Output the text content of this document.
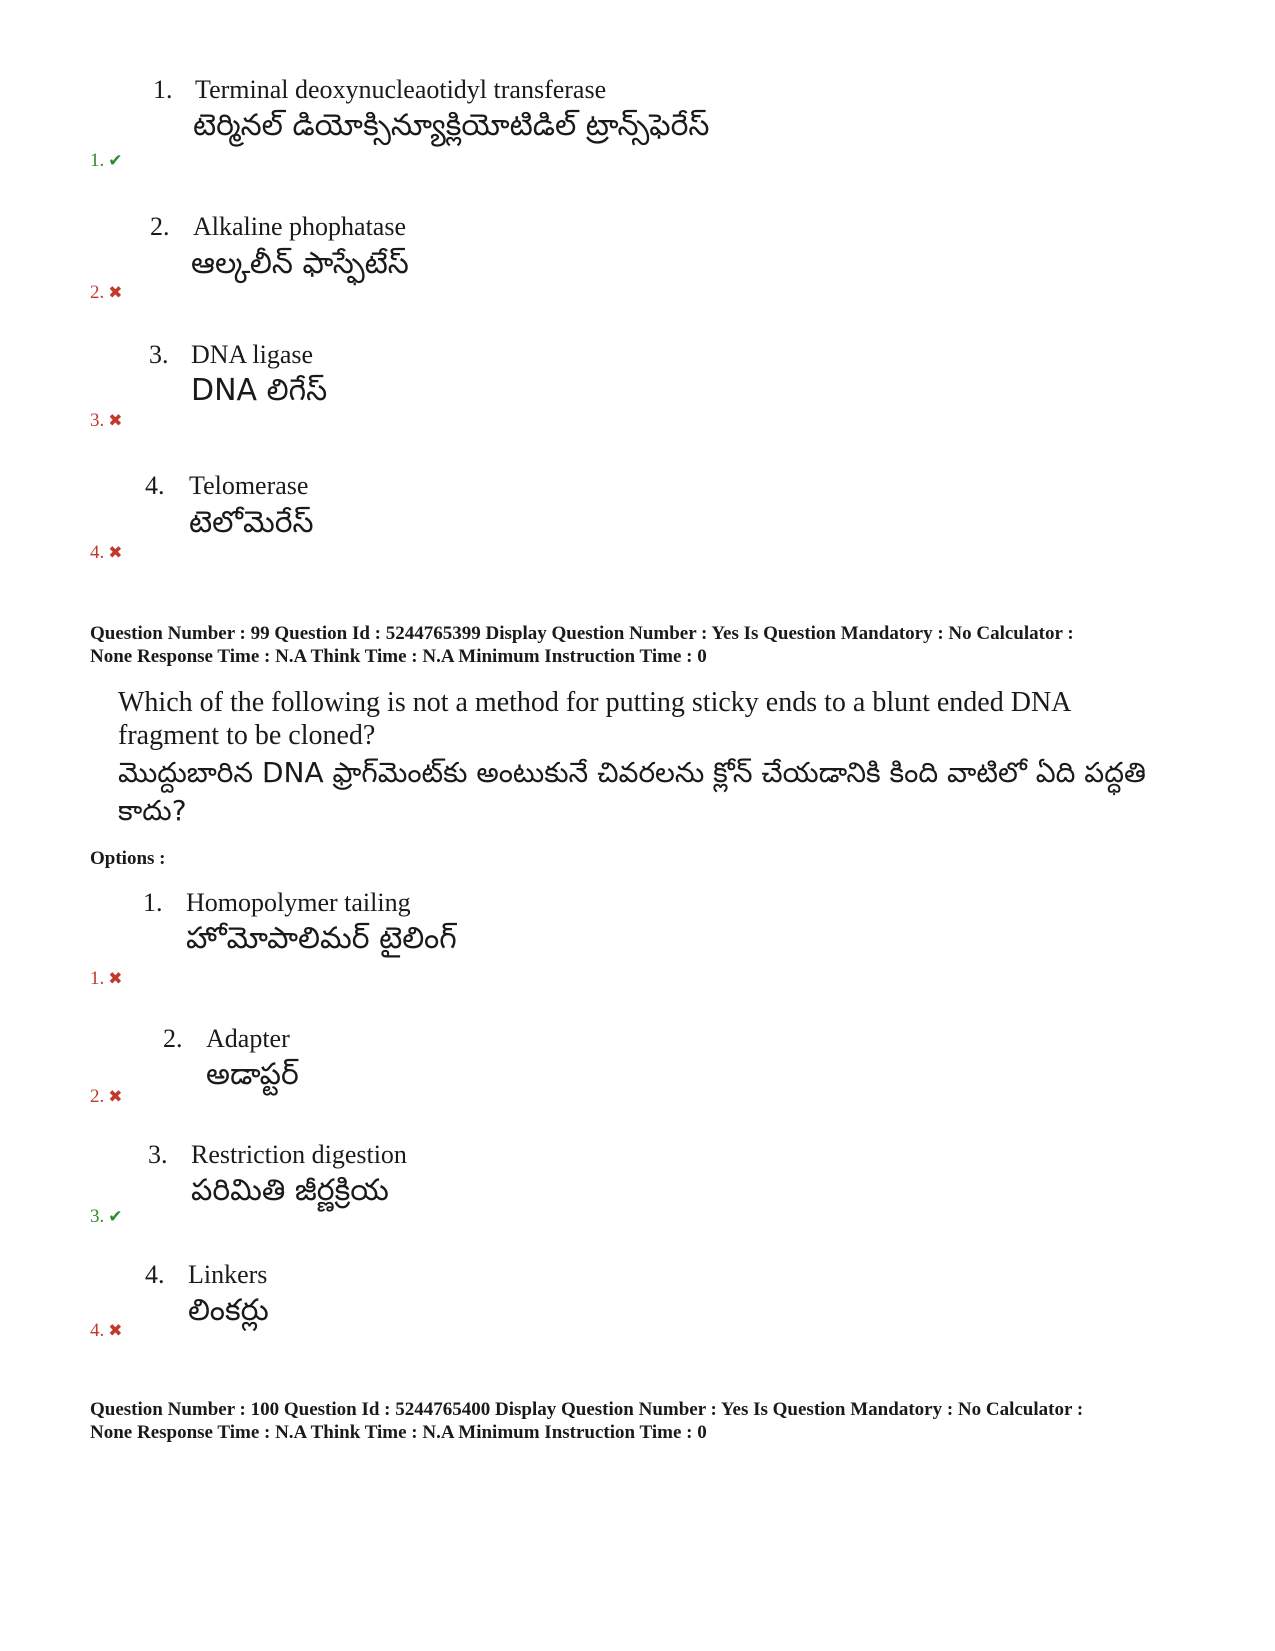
1. Terminal deoxynucleaotidyl transferase
టెర్మినల్ డియోక్సిన్యూక్లియోటిడిల్ ట్రాన్స్‌ఫెరేస్
1. ✔
2. Alkaline phophatase
ఆల్కలీన్ ఫాస్ఫేటేస్
2. ✖
3. DNA ligase
DNA లిగేస్
3. ✖
4. Telomerase
టెలోమెరేస్
4. ✖
Question Number : 99 Question Id : 5244765399 Display Question Number : Yes Is Question Mandatory : No Calculator :
None Response Time : N.A Think Time : N.A Minimum Instruction Time : 0
Which of the following is not a method for putting sticky ends to a blunt ended DNA fragment to be cloned?
మొద్దుబారిన DNA ఫ్రాగ్‌మెంట్‌కు అంటుకునే చివరలను క్లోన్ చేయడానికి కింది వాటిలో ఏది పద్ధతి కాదు?
Options :
1. Homopolymer tailing
హోమోపాలిమర్ టైలింగ్
1. ✖
2. Adapter
అడాప్టర్
2. ✖
3. Restriction digestion
పరిమితి జీర్ణక్రియ
3. ✔
4. Linkers
లింకర్లు
4. ✖
Question Number : 100 Question Id : 5244765400 Display Question Number : Yes Is Question Mandatory : No Calculator :
None Response Time : N.A Think Time : N.A Minimum Instruction Time : 0
